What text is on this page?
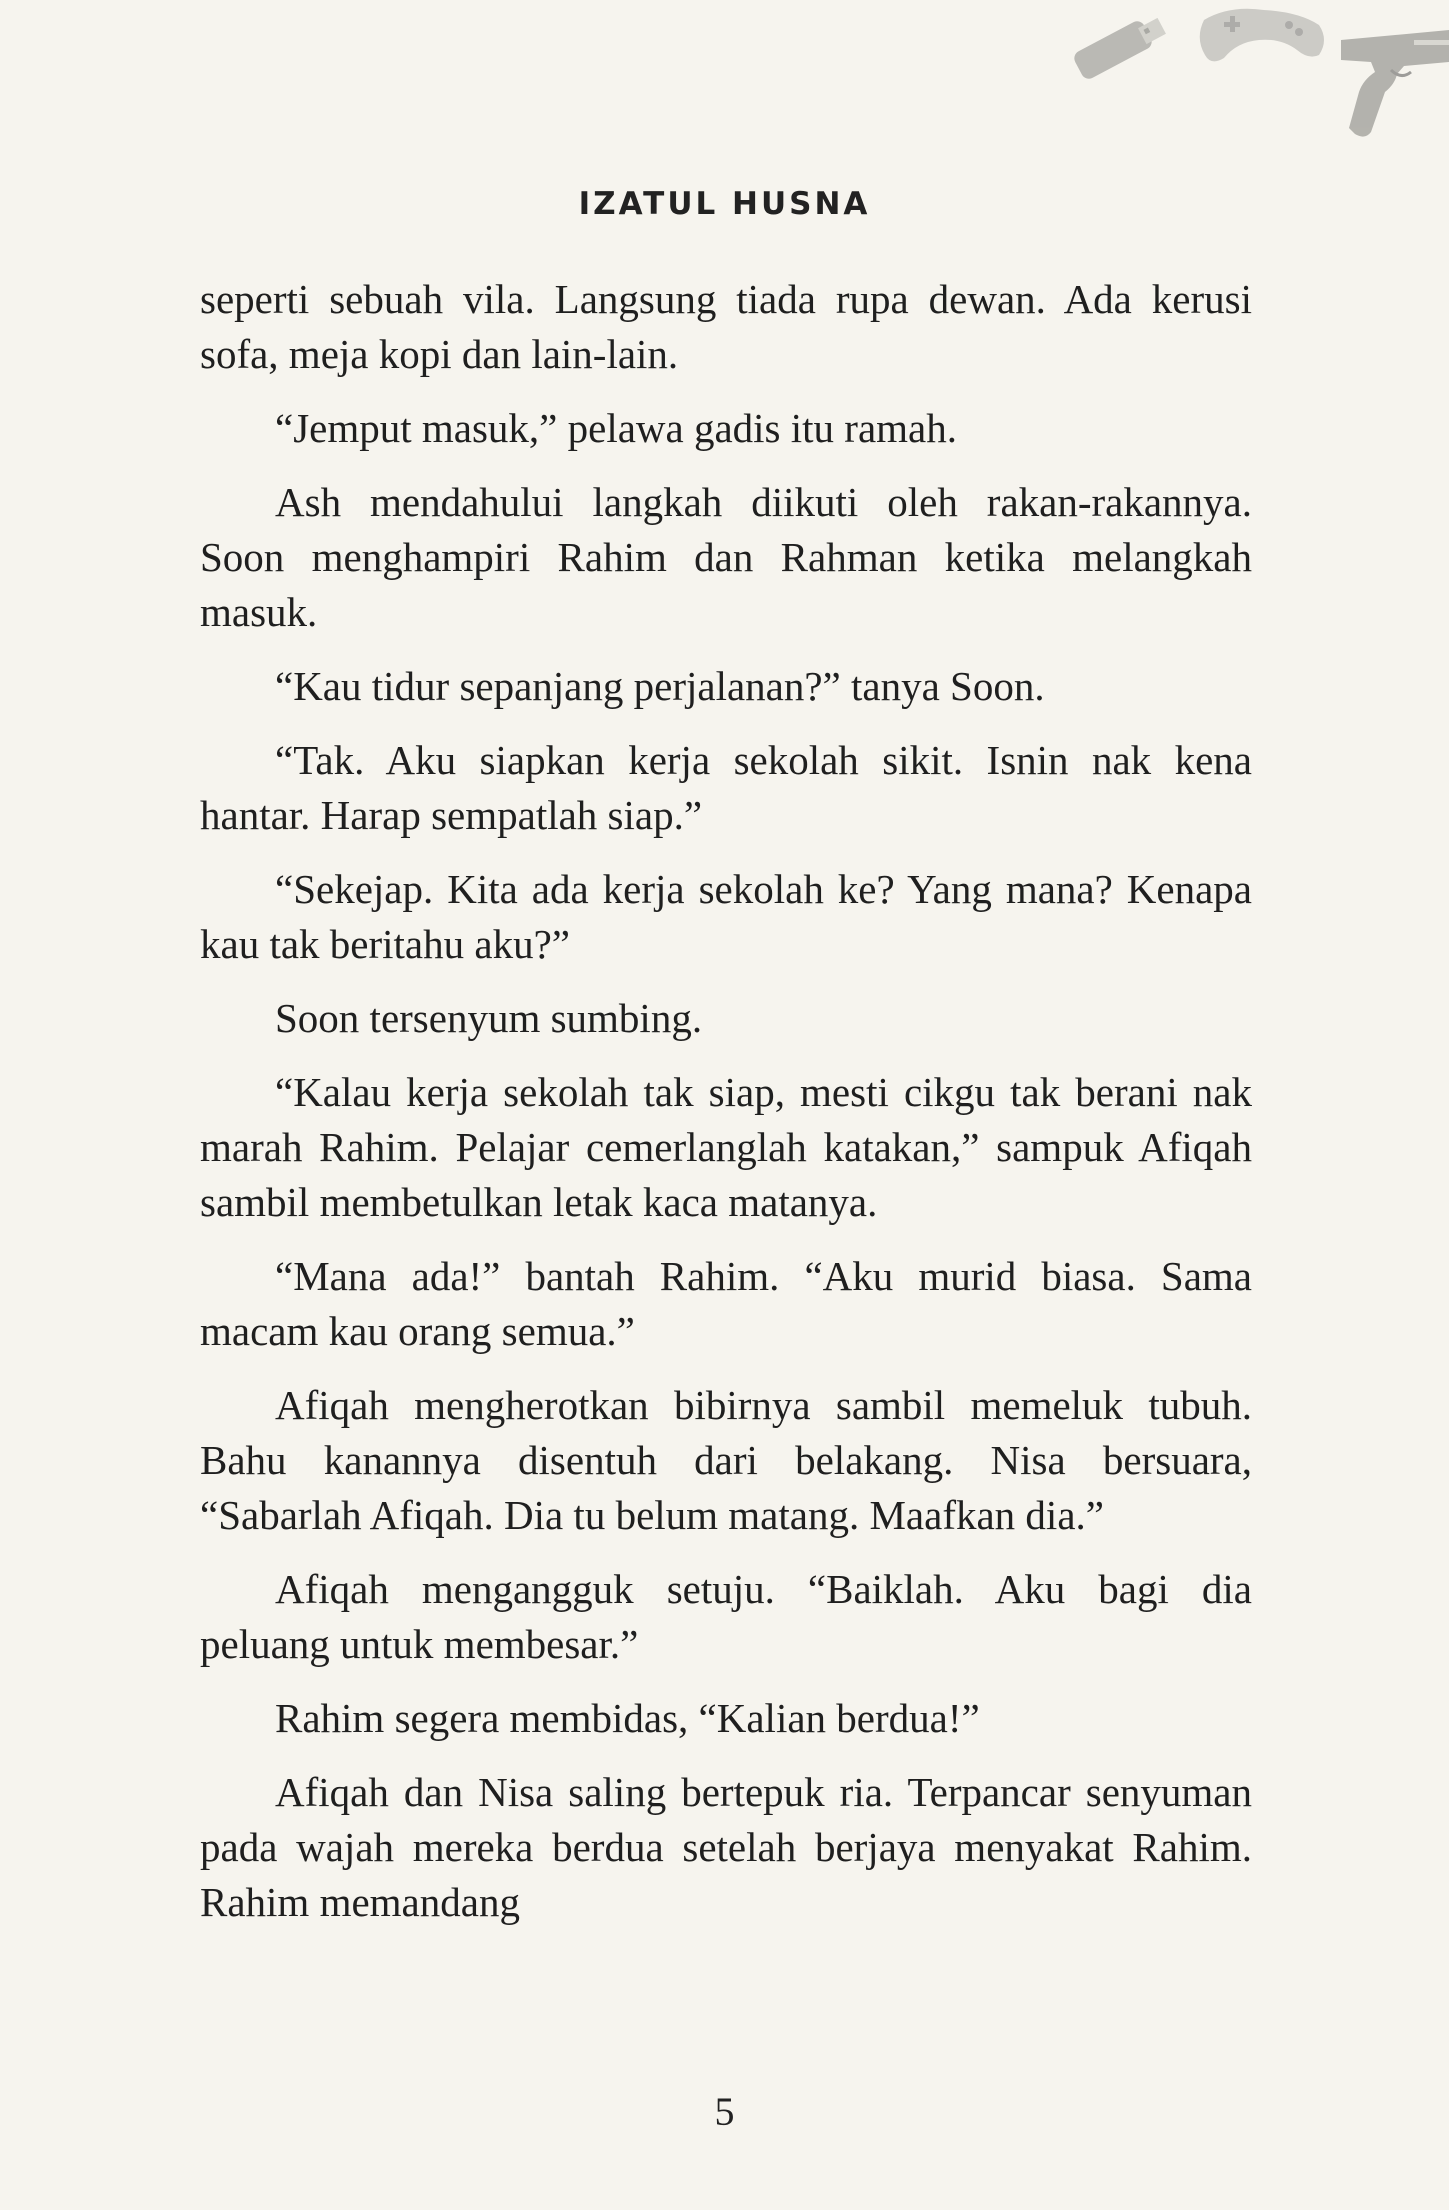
IZATUL HUSNA

seperti sebuah vila. Langsung tiada rupa dewan. Ada kerusi sofa, meja kopi dan lain-lain.

“Jemput masuk,” pelawa gadis itu ramah.

Ash mendahului langkah diikuti oleh rakan-rakannya. Soon menghampiri Rahim dan Rahman ketika melangkah masuk.

“Kau tidur sepanjang perjalanan?” tanya Soon.

“Tak. Aku siapkan kerja sekolah sikit. Isnin nak kena hantar. Harap sempatlah siap.”

“Sekejap. Kita ada kerja sekolah ke? Yang mana? Kenapa kau tak beritahu aku?”

Soon tersenyum sumbing.

“Kalau kerja sekolah tak siap, mesti cikgu tak berani nak marah Rahim. Pelajar cemerlanglah katakan,” sampuk Afiqah sambil membetulkan letak kaca matanya.

“Mana ada!” bantah Rahim. “Aku murid biasa. Sama macam kau orang semua.”

Afiqah mengherotkan bibirnya sambil memeluk tubuh. Bahu kanannya disentuh dari belakang. Nisa bersuara, “Sabarlah Afiqah. Dia tu belum matang. Maafkan dia.”

Afiqah mengangguk setuju. “Baiklah. Aku bagi dia peluang untuk membesar.”

Rahim segera membidas, “Kalian berdua!”

Afiqah dan Nisa saling bertepuk ria. Terpancar senyuman pada wajah mereka berdua setelah berjaya menyakat Rahim. Rahim memandang

5
